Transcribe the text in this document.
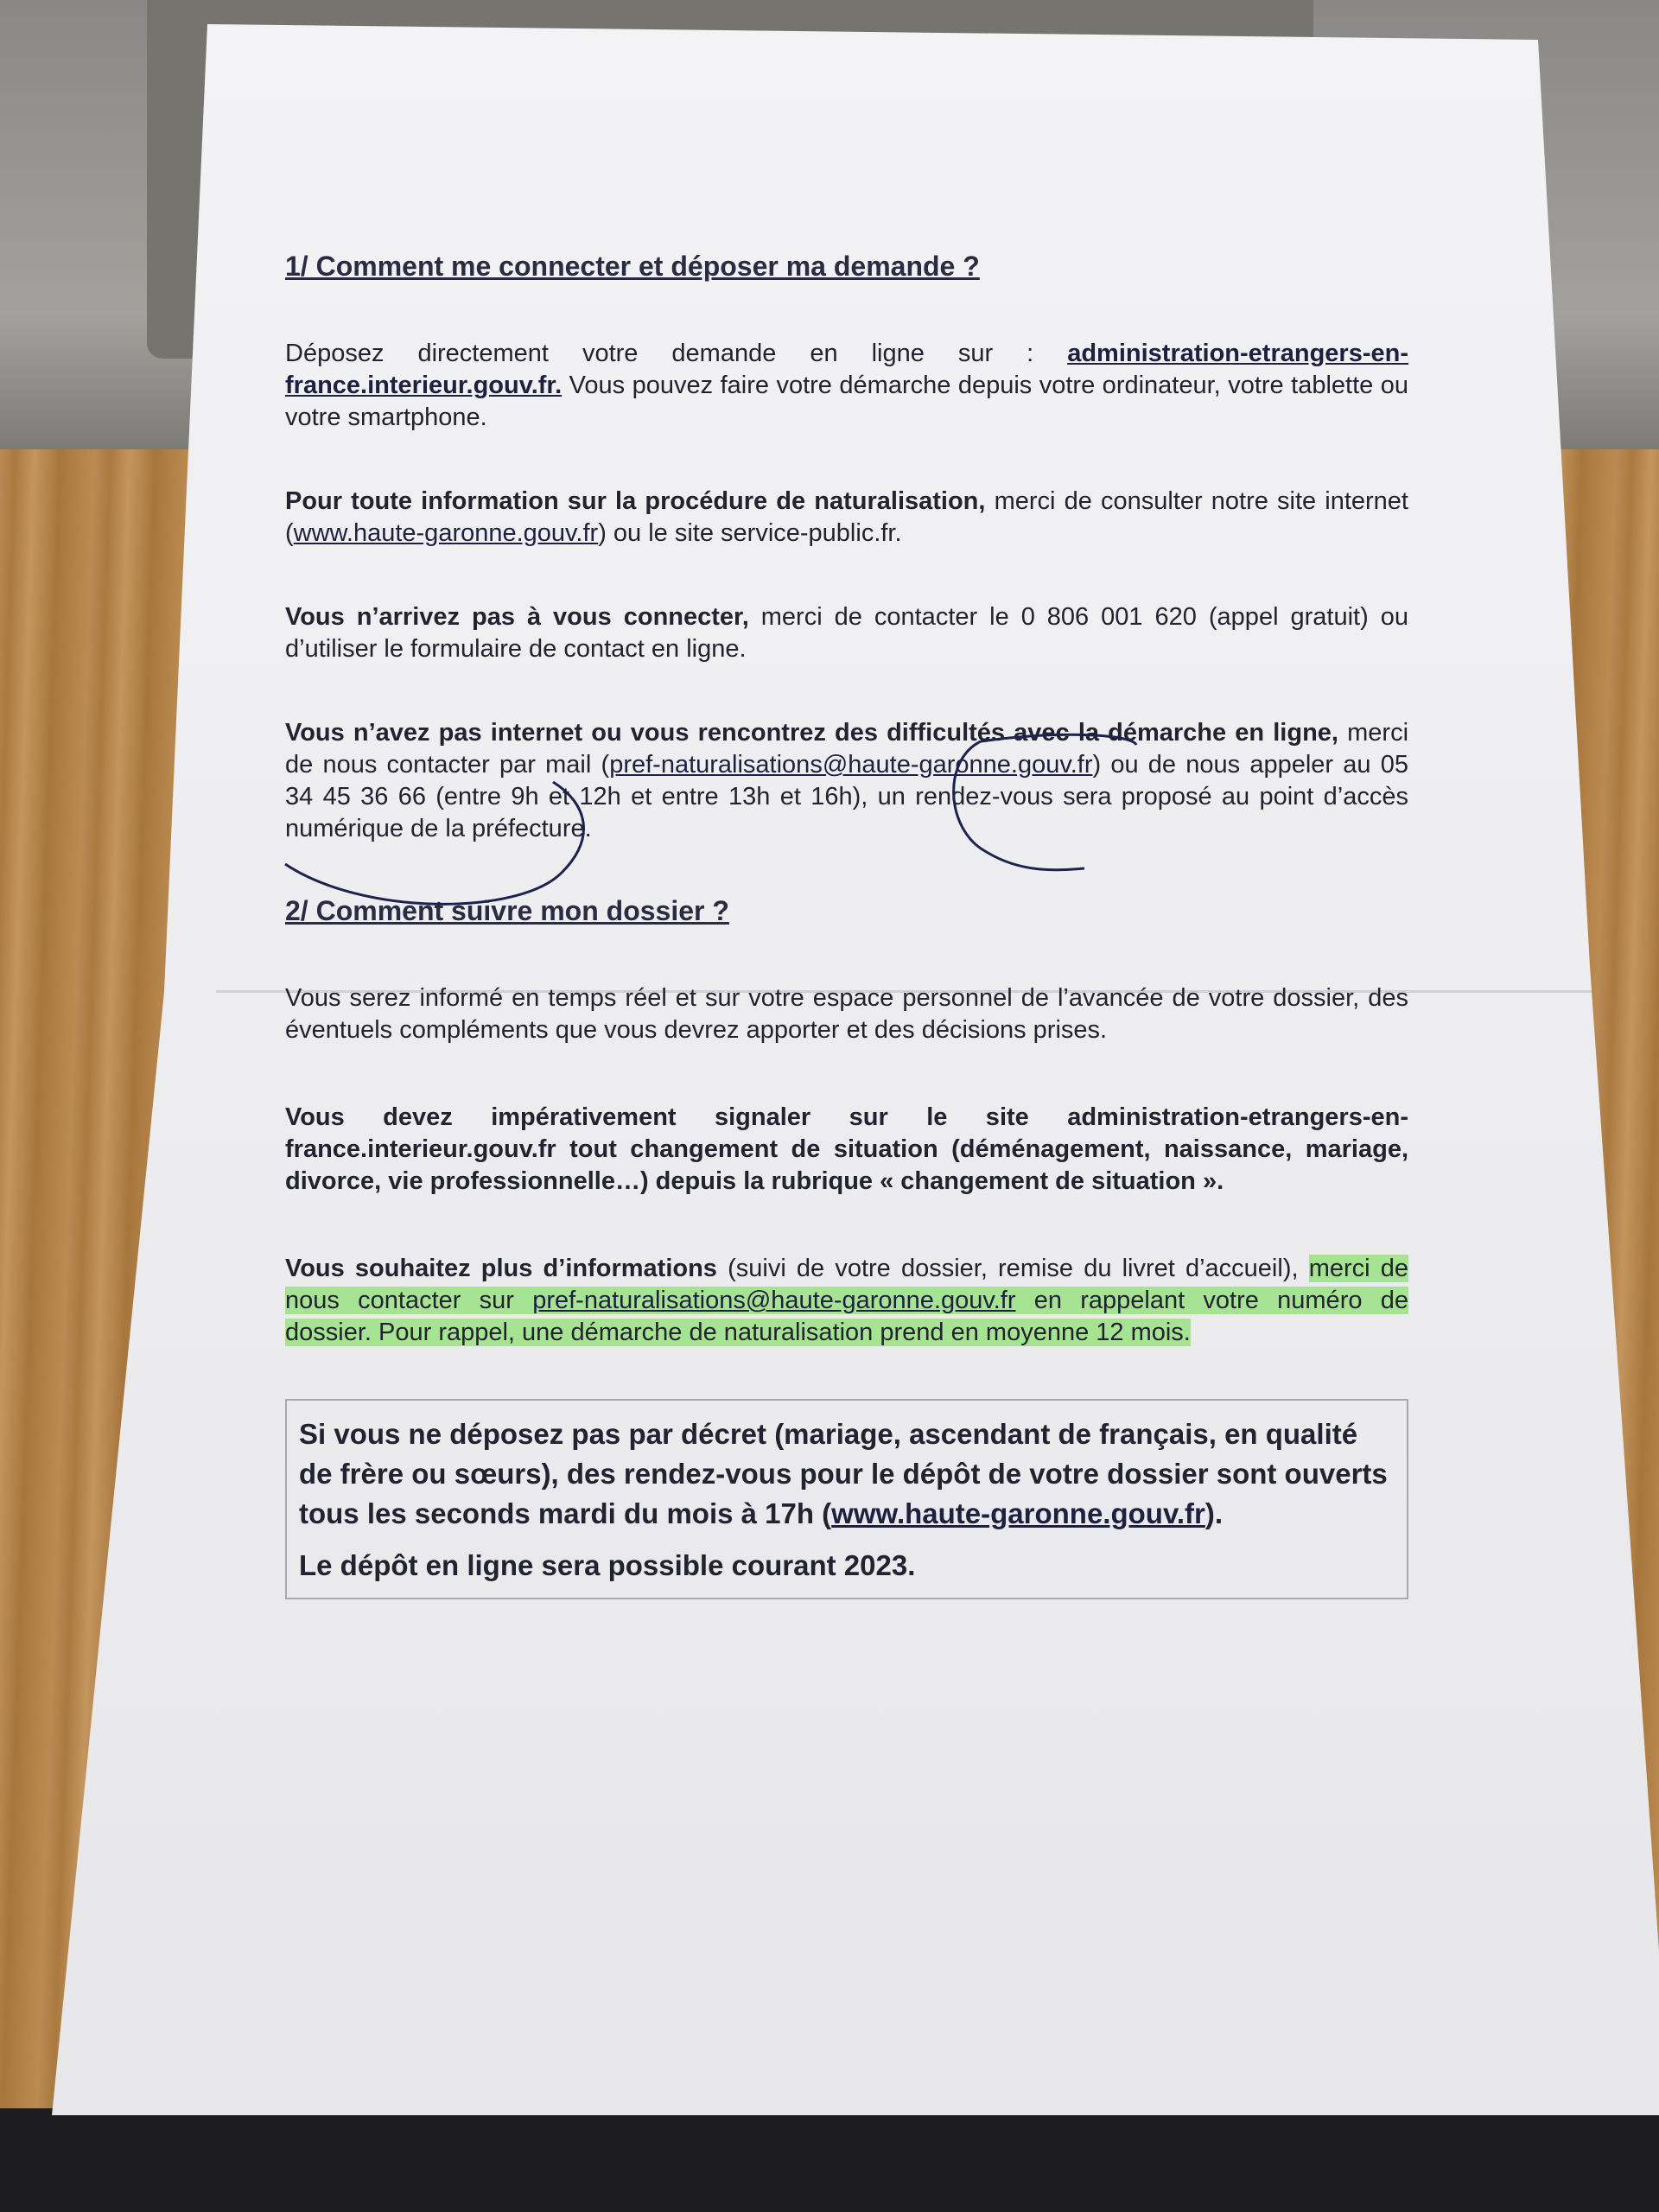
1/ Comment me connecter et déposer ma demande ?

Déposez directement votre demande en ligne sur : administration-etrangers-en-france.interieur.gouv.fr. Vous pouvez faire votre démarche depuis votre ordinateur, votre tablette ou votre smartphone.

Pour toute information sur la procédure de naturalisation, merci de consulter notre site internet (www.haute-garonne.gouv.fr) ou le site service-public.fr.

Vous n’arrivez pas à vous connecter, merci de contacter le 0 806 001 620 (appel gratuit) ou d’utiliser le formulaire de contact en ligne.

Vous n’avez pas internet ou vous rencontrez des difficultés avec la démarche en ligne, merci de nous contacter par mail (pref-naturalisations@haute-garonne.gouv.fr) ou de nous appeler au 05 34 45 36 66 (entre 9h et 12h et entre 13h et 16h), un rendez-vous sera proposé au point d’accès numérique de la préfecture.

2/ Comment suivre mon dossier ?

Vous serez informé en temps réel et sur votre espace personnel de l’avancée de votre dossier, des éventuels compléments que vous devrez apporter et des décisions prises.

Vous devez impérativement signaler sur le site administration-etrangers-en-france.interieur.gouv.fr tout changement de situation (déménagement, naissance, mariage, divorce, vie professionnelle…) depuis la rubrique « changement de situation ».

Vous souhaitez plus d’informations (suivi de votre dossier, remise du livret d’accueil), merci de nous contacter sur pref-naturalisations@haute-garonne.gouv.fr en rappelant votre numéro de dossier. Pour rappel, une démarche de naturalisation prend en moyenne 12 mois.

Si vous ne déposez pas par décret (mariage, ascendant de français, en qualité de frère ou sœurs), des rendez-vous pour le dépôt de votre dossier sont ouverts tous les seconds mardi du mois à 17h (www.haute-garonne.gouv.fr).
Le dépôt en ligne sera possible courant 2023.
